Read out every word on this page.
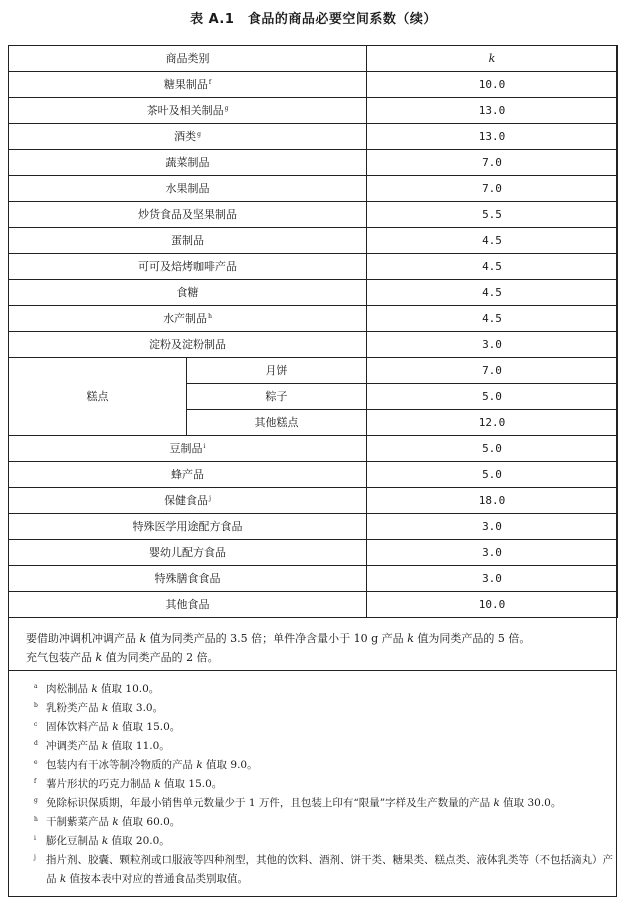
表 A.1　食品的商品必要空间系数（续）
商品类别		k
糖果制品$^f$		10.0
茶叶及相关制品$^g$		13.0
酒类$^g$		13.0
蔬菜制品		7.0
水果制品		7.0
炒货食品及坚果制品		5.5
蛋制品		4.5
可可及焙烤咖啡产品		4.5
食糖		4.5
水产制品$^h$		4.5
淀粉及淀粉制品		3.0
糕点	月饼	7.0
	粽子	5.0
	其他糕点	12.0
豆制品$^i$		5.0
蜂产品		5.0
保健食品$^j$		18.0
特殊医学用途配方食品		3.0
婴幼儿配方食品		3.0
特殊膳食食品		3.0
其他食品		10.0
要借助冲调机冲调产品 k 值为同类产品的 3.5 倍；单件净含量小于 10 g 产品 k 值为同类产品的 5 倍。
充气包装产品 k 值为同类产品的 2 倍。
a 肉松制品 k 值取 10.0。
b 乳粉类产品 k 值取 3.0。
c 固体饮料产品 k 值取 15.0。
d 冲调类产品 k 值取 11.0。
e 包装内有干冰等制冷物质的产品 k 值取 9.0。
f 薯片形状的巧克力制品 k 值取 15.0。
g 免除标识保质期，年最小销售单元数量少于 1 万件，且包装上印有“限量”字样及生产数量的产品 k 值取 30.0。
h 干制紫菜产品 k 值取 60.0。
i 膨化豆制品 k 值取 20.0。
j 指片剂、胶囊、颗粒剂或口服液等四种剂型，其他的饮料、酒剂、饼干类、糖果类、糕点类、液体乳类等（不包括滴丸）产品 k 值按本表中对应的普通食品类别取值。
